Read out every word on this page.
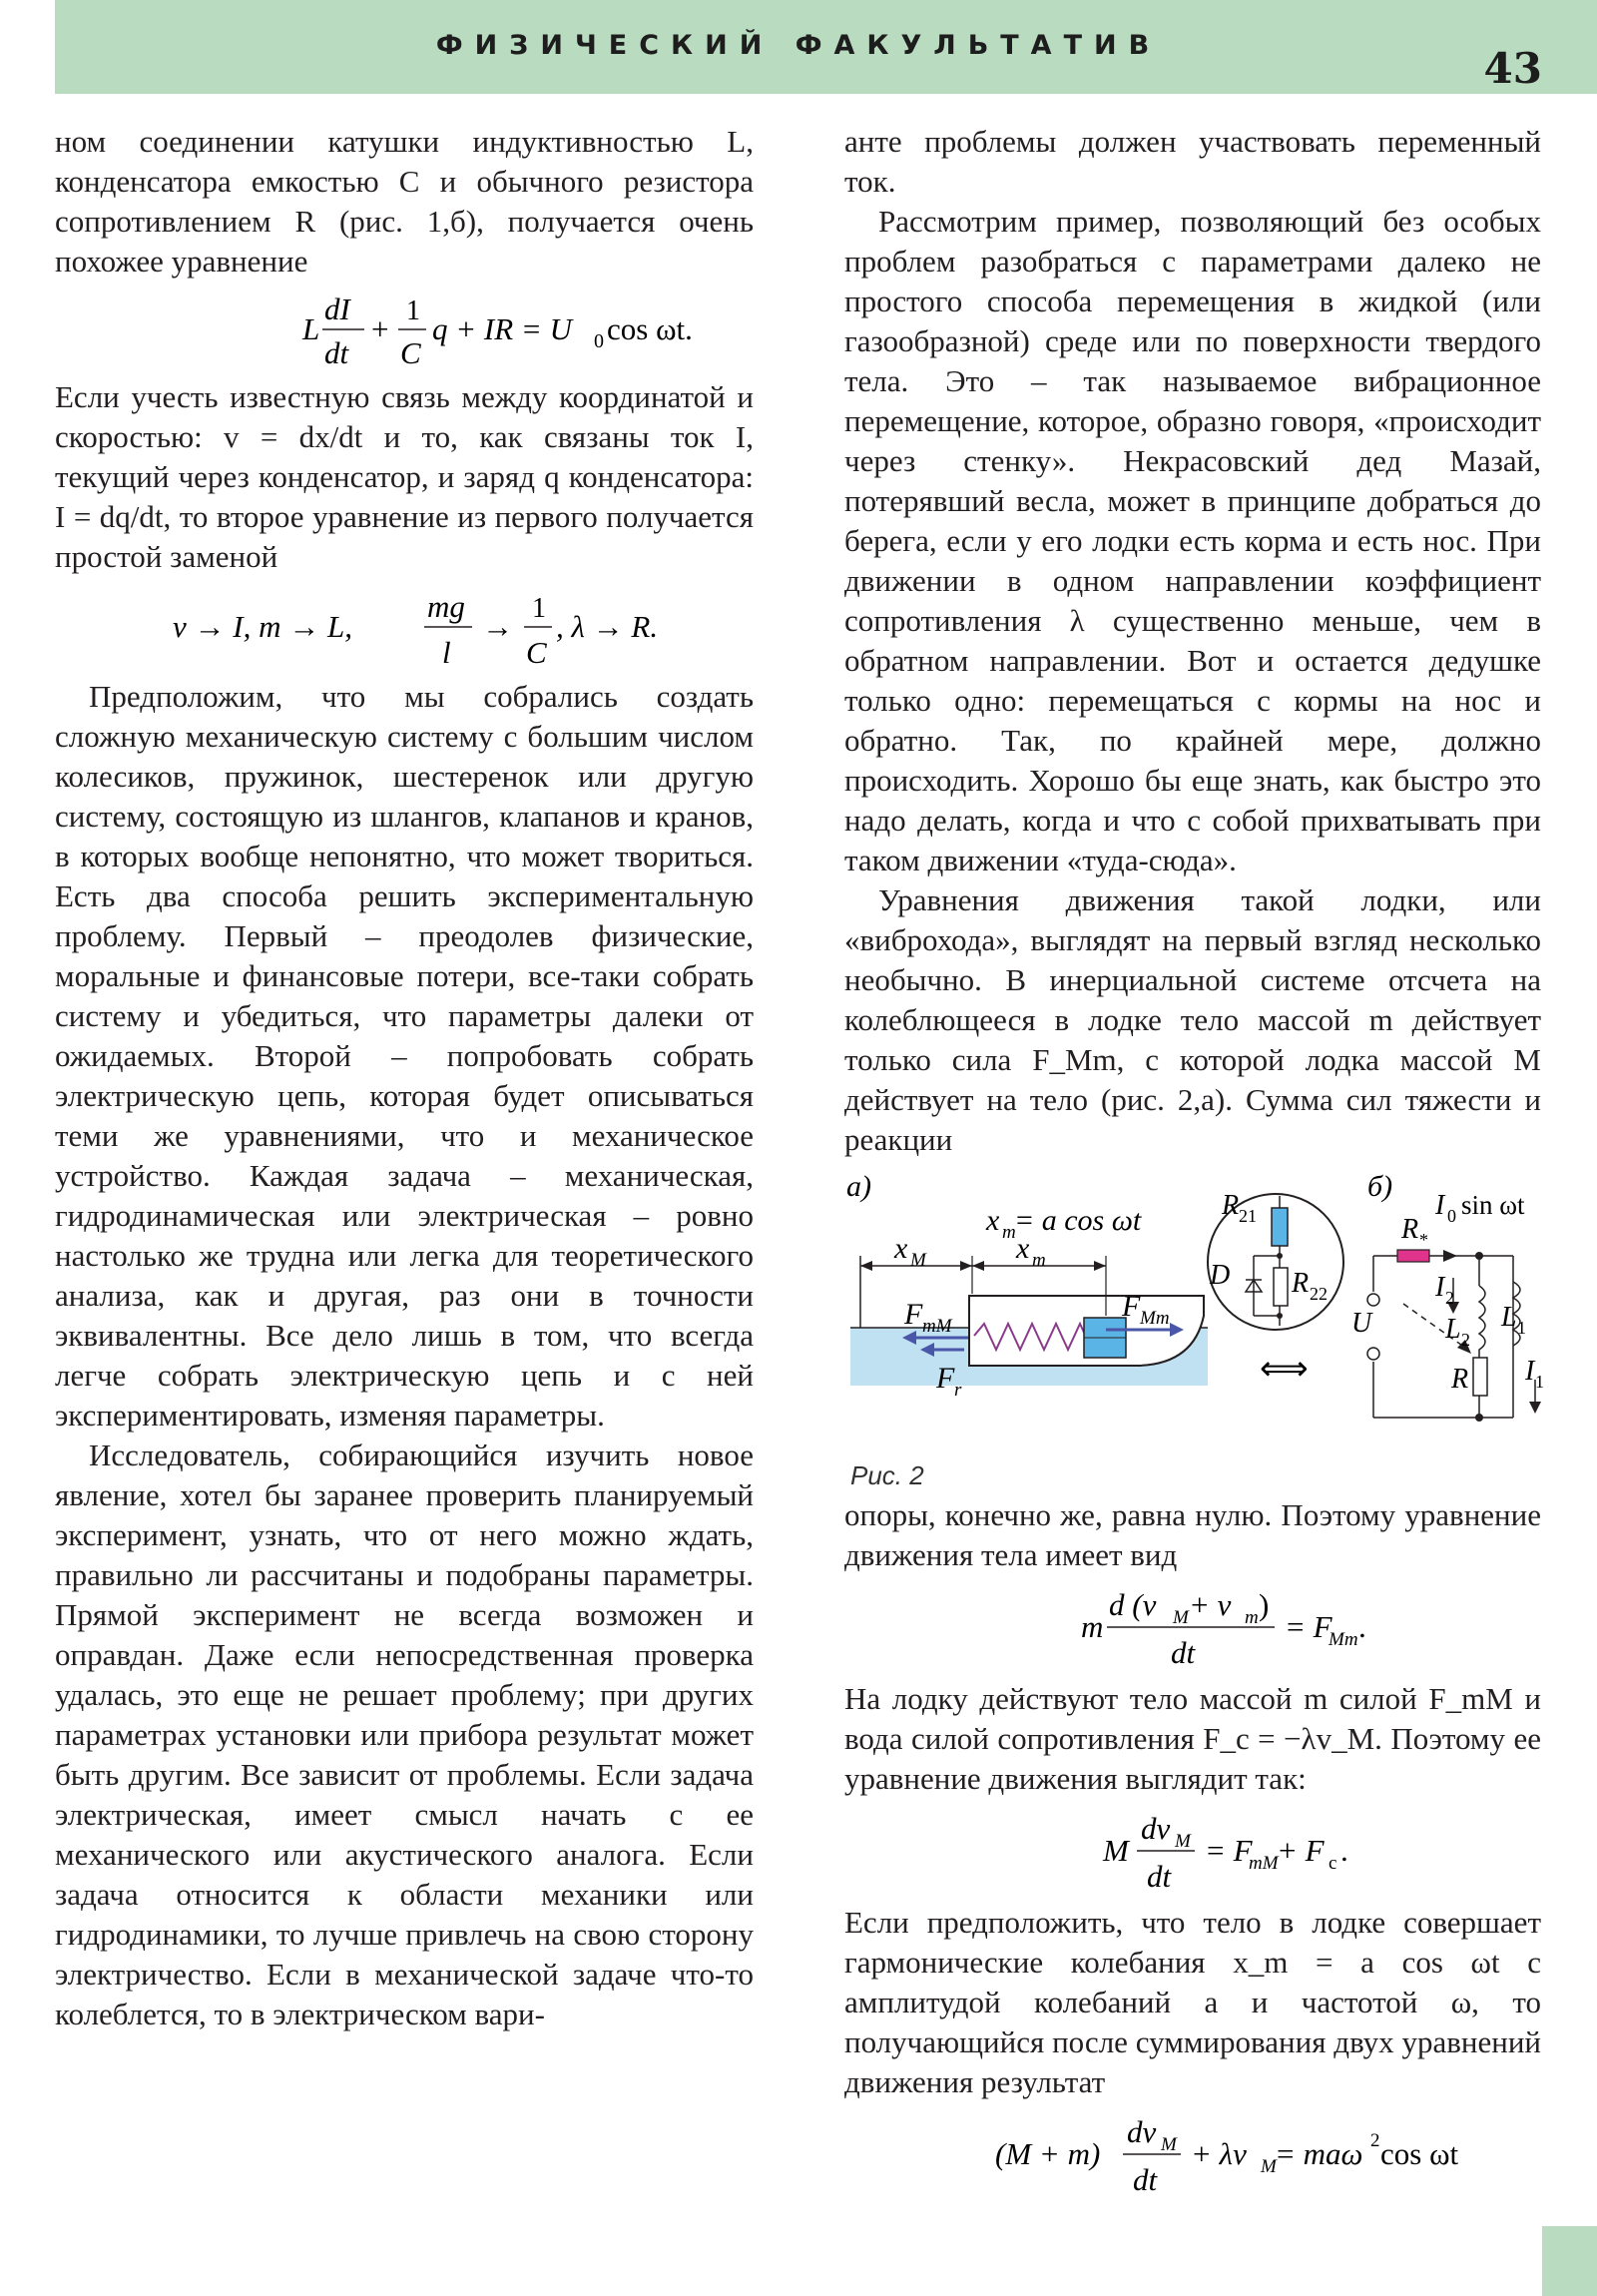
ФИЗИЧЕСКИЙ ФАКУЛЬТАТИВ	43

ном соединении катушки индуктивностью L, конденсатора емкостью C и обычного резистора сопротивлением R (рис. 1,б), получается очень похожее уравнение

L
dI
dt
+
1
C
q + IR = U 0 cos ωt.

Если учесть известную связь между координатой и скоростью: v = dx/dt и то, как связаны ток I, текущий через конденсатор, и заряд q конденсатора: I = dq/dt, то второе уравнение из первого получается простой заменой

v → I, m → L,
mg
l
→
1
C
, λ → R.

Предположим, что мы собрались создать сложную механическую систему с большим числом колесиков, пружинок, шестеренок или другую систему, состоящую из шлангов, клапанов и кранов, в которых вообще непонятно, что может твориться. Есть два способа решить экспериментальную проблему. Первый – преодолев физические, моральные и финансовые потери, все-таки собрать систему и убедиться, что параметры далеки от ожидаемых. Второй – попробовать собрать электрическую цепь, которая будет описываться теми же уравнениями, что и механическое устройство. Каждая задача – механическая, гидродинамическая или электрическая – ровно настолько же трудна или легка для теоретического анализа, как и другая, раз они в точности эквивалентны. Все дело лишь в том, что всегда легче собрать электрическую цепь и с ней экспериментировать, изменяя параметры.

Исследователь, собирающийся изучить новое явление, хотел бы заранее проверить планируемый эксперимент, узнать, что от него можно ждать, правильно ли рассчитаны и подобраны параметры. Прямой эксперимент не всегда возможен и оправдан. Даже если непосредственная проверка удалась, это еще не решает проблему; при других параметрах установки или прибора результат может быть другим. Все зависит от проблемы. Если задача электрическая, имеет смысл начать с ее механического или акустического аналога. Если задача относится к области механики или гидродинамики, то лучше привлечь на свою сторону электричество. Если в механической задаче что-то колеблется, то в электрическом вари-

анте проблемы должен участвовать переменный ток.

Рассмотрим пример, позволяющий без особых проблем разобраться с параметрами далеко не простого способа перемещения в жидкой (или газообразной) среде или по поверхности твердого тела. Это – так называемое вибрационное перемещение, которое, образно говоря, «происходит через стенку». Некрасовский дед Мазай, потерявший весла, может в принципе добраться до берега, если у его лодки есть корма и есть нос. При движении в одном направлении коэффициент сопротивления λ существенно меньше, чем в обратном направлении. Вот и остается дедушке только одно: перемещаться с кормы на нос и обратно. Так, по крайней мере, должно происходить. Хорошо бы еще знать, как быстро это надо делать, когда и что с собой прихватывать при таком движении «туда-сюда».

Уравнения движения такой лодки, или «виброхода», выглядят на первый взгляд несколько необычно. В инерциальной системе отсчета на колеблющееся в лодке тело массой m действует только сила F_Mm, с которой лодка массой M действует на тело (рис. 2,а). Сумма сил тяжести и реакции

а)	б)
x m
= a cos ωt
x M	x m
F mM
F Mm
F r
R 21
D R 22
⟺
R *
I 0 sin ωt
I 2
L 2
L 1
U
R I 1
Рис. 2

опоры, конечно же, равна нулю. Поэтому уравнение движения тела имеет вид

m
d (v M + v m )
dt
= F
Mm .

На лодку действуют тело массой m силой F_mM и вода силой сопротивления F_c = −λv_M. Поэтому ее уравнение движения выглядит так:

M
dv M
dt
= F
mM
+ F c .

Если предположить, что тело в лодке совершает гармонические колебания x_m = a cos ωt с амплитудой колебаний a и частотой ω, то получающийся после суммирования двух уравнений движения результат

(M + m)
dv M
dt
+ λv M
= maω 2 cos ωt
